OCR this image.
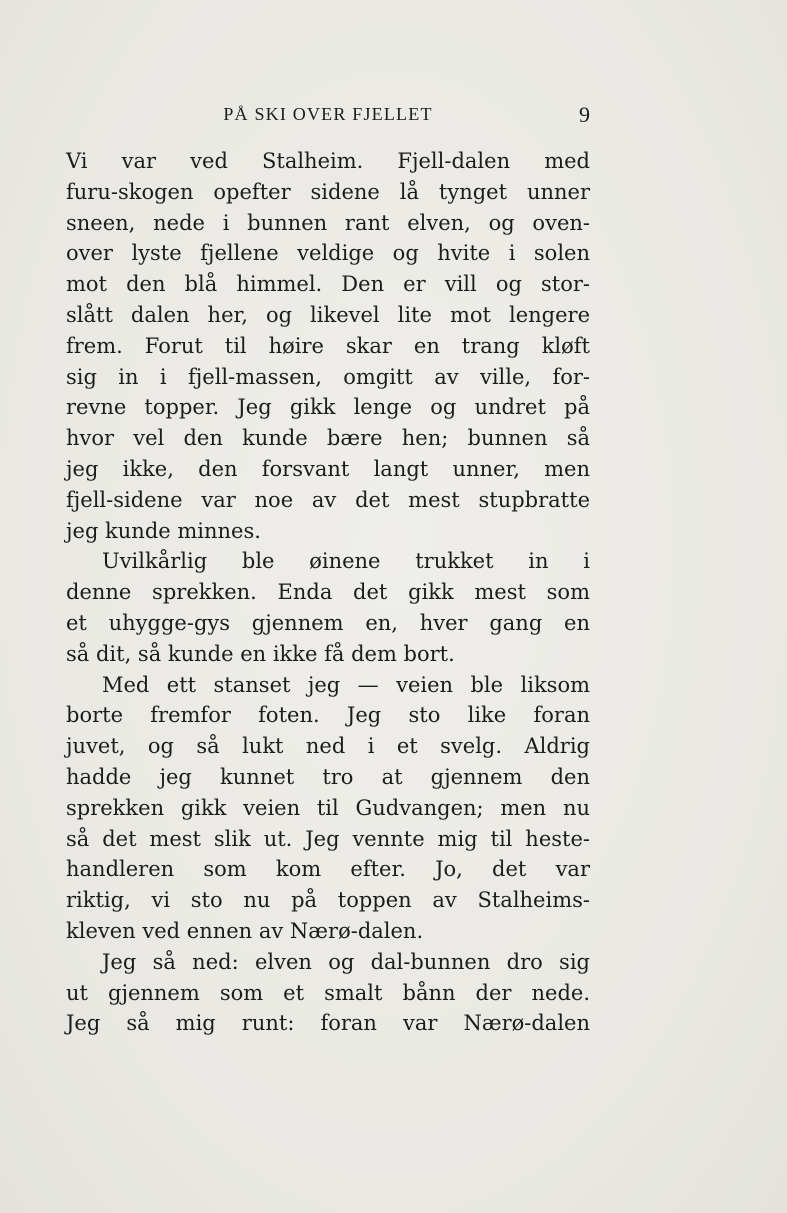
PÅ SKI OVER FJELLET	9
Vi var ved Stalheim. Fjell-dalen med
furu-skogen opefter sidene lå tynget unner
sneen, nede i bunnen rant elven, og oven-
over lyste fjellene veldige og hvite i solen
mot den blå himmel. Den er vill og stor-
slått dalen her, og likevel lite mot lengere
frem. Forut til høire skar en trang kløft
sig in i fjell-massen, omgitt av ville, for-
revne topper. Jeg gikk lenge og undret på
hvor vel den kunde bære hen; bunnen så
jeg ikke, den forsvant langt unner, men
fjell-sidene var noe av det mest stupbratte
jeg kunde minnes.
Uvilkårlig ble øinene trukket in i
denne sprekken. Enda det gikk mest som
et uhygge-gys gjennem en, hver gang en
så dit, så kunde en ikke få dem bort.
Med ett stanset jeg — veien ble liksom
borte fremfor foten. Jeg sto like foran
juvet, og så lukt ned i et svelg. Aldrig
hadde jeg kunnet tro at gjennem den
sprekken gikk veien til Gudvangen; men nu
så det mest slik ut. Jeg vennte mig til heste-
handleren som kom efter. Jo, det var
riktig, vi sto nu på toppen av Stalheims-
kleven ved ennen av Nærø-dalen.
Jeg så ned: elven og dal-bunnen dro sig
ut gjennem som et smalt bånn der nede.
Jeg så mig runt: foran var Nærø-dalen
